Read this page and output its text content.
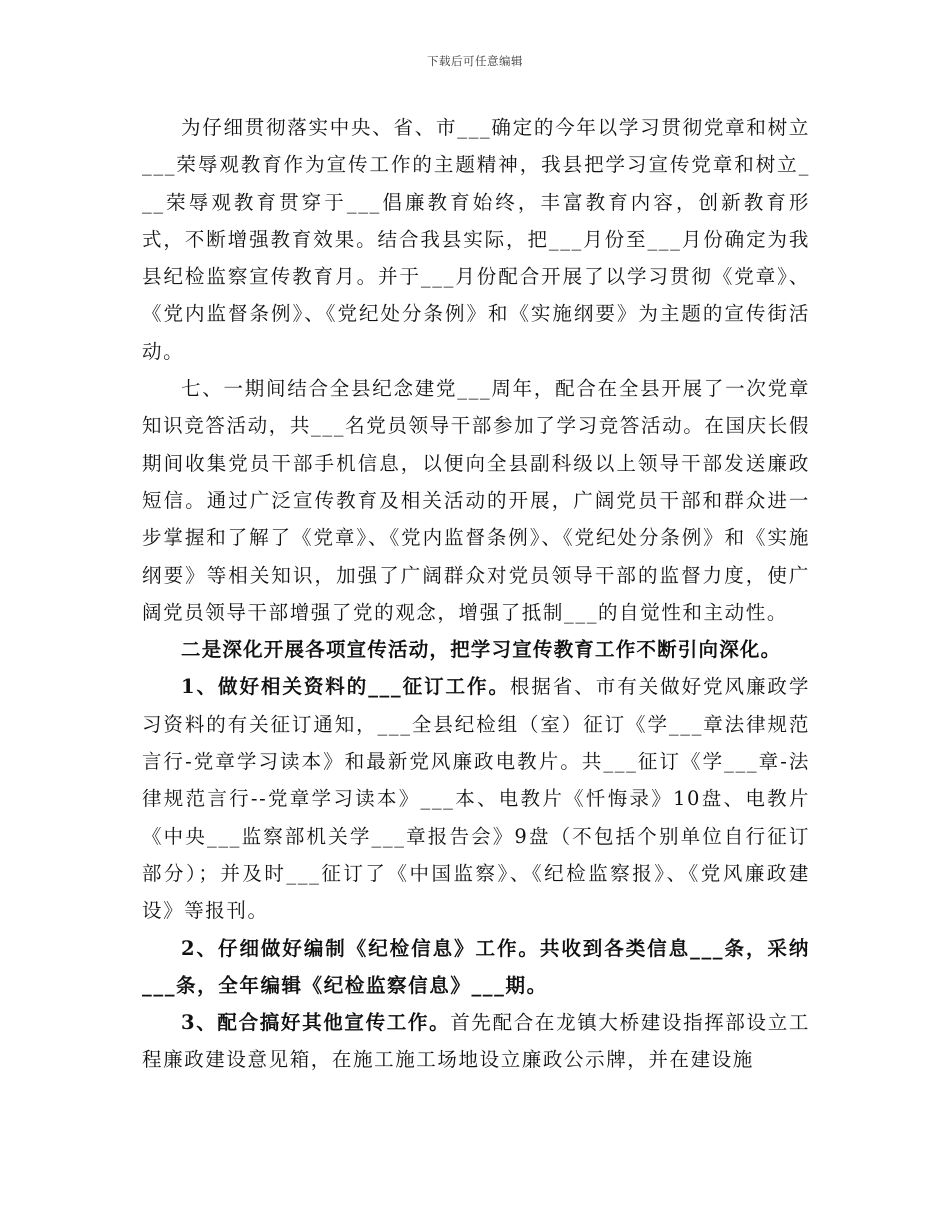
下载后可任意编辑

为仔细贯彻落实中央、省、市___确定的今年以学习贯彻党章和树立___荣辱观教育作为宣传工作的主题精神，我县把学习宣传党章和树立___荣辱观教育贯穿于___倡廉教育始终，丰富教育内容，创新教育形式，不断增强教育效果。结合我县实际，把___月份至___月份确定为我县纪检监察宣传教育月。并于___月份配合开展了以学习贯彻《党章》、《党内监督条例》、《党纪处分条例》和《实施纲要》为主题的宣传街活动。

七、一期间结合全县纪念建党___周年，配合在全县开展了一次党章知识竞答活动，共___名党员领导干部参加了学习竞答活动。在国庆长假期间收集党员干部手机信息，以便向全县副科级以上领导干部发送廉政短信。通过广泛宣传教育及相关活动的开展，广阔党员干部和群众进一步掌握和了解了《党章》、《党内监督条例》、《党纪处分条例》和《实施纲要》等相关知识，加强了广阔群众对党员领导干部的监督力度，使广阔党员领导干部增强了党的观念，增强了抵制___的自觉性和主动性。

二是深化开展各项宣传活动，把学习宣传教育工作不断引向深化。

1、做好相关资料的___征订工作。根据省、市有关做好党风廉政学习资料的有关征订通知，___全县纪检组（室）征订《学___章法律规范言行-党章学习读本》和最新党风廉政电教片。共___征订《学___章-法律规范言行--党章学习读本》___本、电教片《忏悔录》10盘、电教片《中央___监察部机关学___章报告会》9盘（不包括个别单位自行征订部分）；并及时___征订了《中国监察》、《纪检监察报》、《党风廉政建设》等报刊。

2、仔细做好编制《纪检信息》工作。共收到各类信息___条，采纳___条，全年编辑《纪检监察信息》___期。

3、配合搞好其他宣传工作。首先配合在龙镇大桥建设指挥部设立工程廉政建设意见箱，在施工施工场地设立廉政公示牌，并在建设施
